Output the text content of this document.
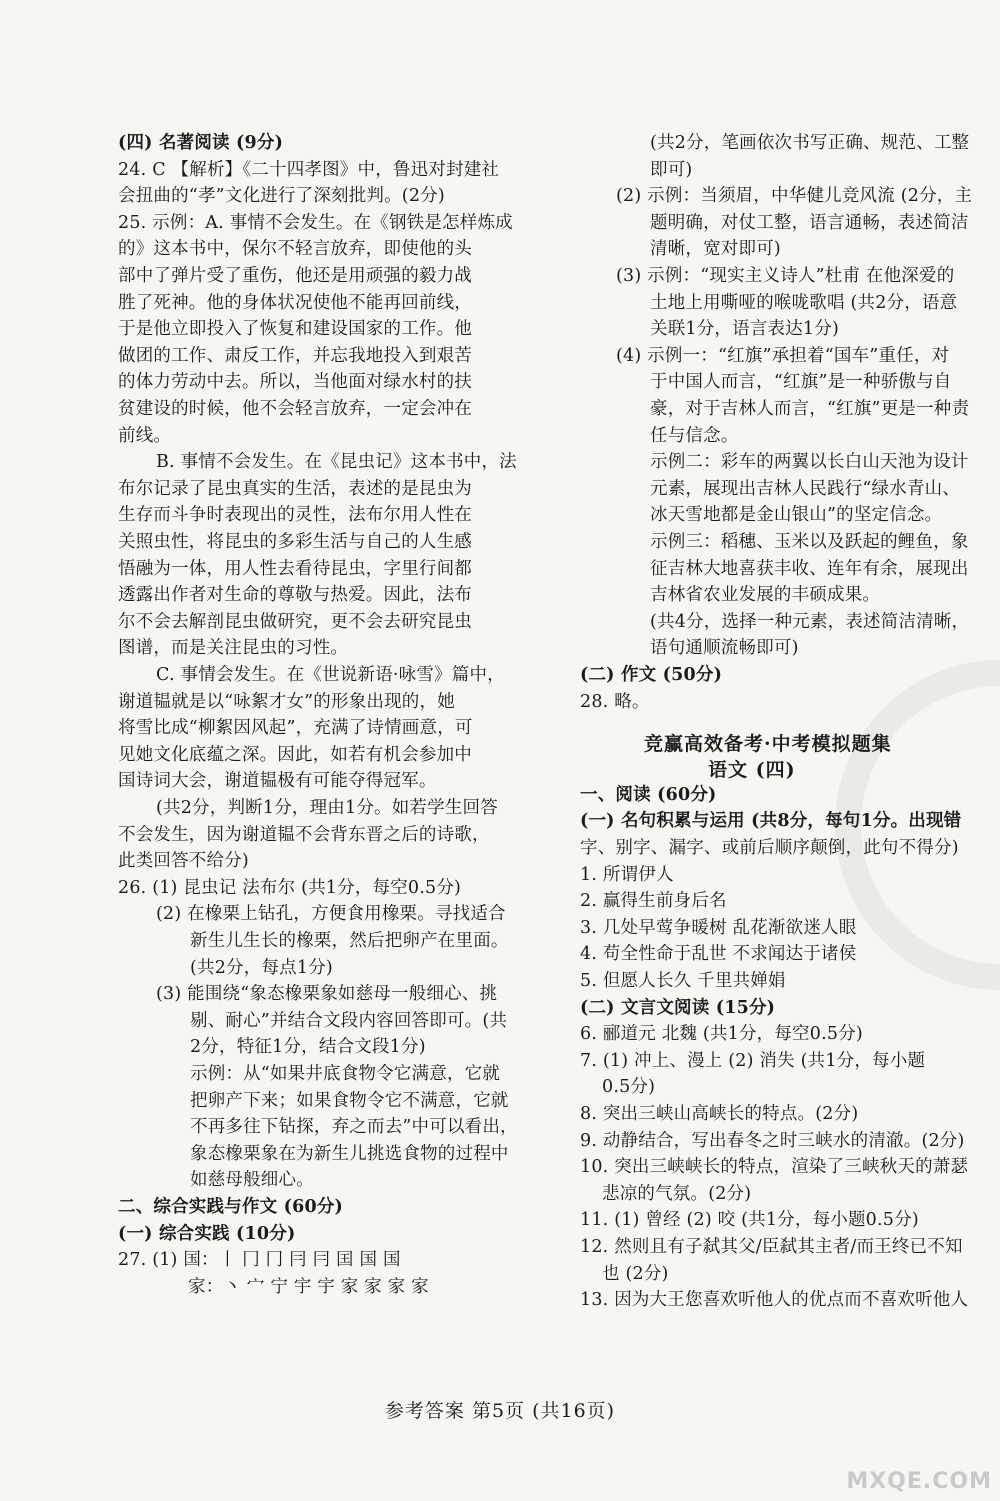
(四) 名著阅读 (9分)
24. C 【解析】《二十四孝图》中，鲁迅对封建社
会扭曲的“孝”文化进行了深刻批判。(2分)
25. 示例：A. 事情不会发生。在《钢铁是怎样炼成
的》这本书中，保尔不轻言放弃，即使他的头
部中了弹片受了重伤，他还是用顽强的毅力战
胜了死神。他的身体状况使他不能再回前线，
于是他立即投入了恢复和建设国家的工作。他
做团的工作、肃反工作，并忘我地投入到艰苦
的体力劳动中去。所以，当他面对绿水村的扶
贫建设的时候，他不会轻言放弃，一定会冲在
前线。
B. 事情不会发生。在《昆虫记》这本书中，法
布尔记录了昆虫真实的生活，表述的是昆虫为
生存而斗争时表现出的灵性，法布尔用人性在
关照虫性，将昆虫的多彩生活与自己的人生感
悟融为一体，用人性去看待昆虫，字里行间都
透露出作者对生命的尊敬与热爱。因此，法布
尔不会去解剖昆虫做研究，更不会去研究昆虫
图谱，而是关注昆虫的习性。
C. 事情会发生。在《世说新语·咏雪》篇中，
谢道韫就是以“咏絮才女”的形象出现的，她
将雪比成“柳絮因风起”，充满了诗情画意，可
见她文化底蕴之深。因此，如若有机会参加中
国诗词大会，谢道韫极有可能夺得冠军。
(共2分，判断1分，理由1分。如若学生回答
不会发生，因为谢道韫不会背东晋之后的诗歌，
此类回答不给分)
26. (1) 昆虫记 法布尔 (共1分，每空0.5分)
(2) 在橡栗上钻孔，方便食用橡栗。寻找适合
新生儿生长的橡栗，然后把卵产在里面。
(共2分，每点1分)
(3) 能围绕“象态橡栗象如慈母一般细心、挑
剔、耐心”并结合文段内容回答即可。(共
2分，特征1分，结合文段1分)
示例：从“如果井底食物令它满意，它就
把卵产下来；如果食物令它不满意，它就
不再多往下钻探，弃之而去”中可以看出，
象态橡栗象在为新生儿挑选食物的过程中
如慈母般细心。
二、综合实践与作文 (60分)
(一) 综合实践 (10分)
27. (1) 国：丨 冂 冂 冃 冃 囯 国 国
家：丶 宀 宁 宇 宇 家 家 家 家
(共2分，笔画依次书写正确、规范、工整
即可)
(2) 示例：当须眉，中华健儿竞风流 (2分，主
题明确，对仗工整，语言通畅，表述简洁
清晰，宽对即可)
(3) 示例：“现实主义诗人”杜甫 在他深爱的
土地上用嘶哑的喉咙歌唱 (共2分，语意
关联1分，语言表达1分)
(4) 示例一：“红旗”承担着“国车”重任，对
于中国人而言，“红旗”是一种骄傲与自
豪，对于吉林人而言，“红旗”更是一种责
任与信念。
示例二：彩车的两翼以长白山天池为设计
元素，展现出吉林人民践行“绿水青山、
冰天雪地都是金山银山”的坚定信念。
示例三：稻穗、玉米以及跃起的鲤鱼，象
征吉林大地喜获丰收、连年有余，展现出
吉林省农业发展的丰硕成果。
(共4分，选择一种元素，表述简洁清晰，
语句通顺流畅即可)
(二) 作文 (50分)
28. 略。
竞赢高效备考·中考模拟题集
语文 (四)
一、阅读 (60分)
(一) 名句积累与运用 (共8分，每句1分。出现错
字、别字、漏字、或前后顺序颠倒，此句不得分)
1. 所谓伊人
2. 赢得生前身后名
3. 几处早莺争暖树 乱花渐欲迷人眼
4. 苟全性命于乱世 不求闻达于诸侯
5. 但愿人长久 千里共婵娟
(二) 文言文阅读 (15分)
6. 郦道元 北魏 (共1分，每空0.5分)
7. (1) 冲上、漫上 (2) 消失 (共1分，每小题
0.5分)
8. 突出三峡山高峡长的特点。(2分)
9. 动静结合，写出春冬之时三峡水的清澈。(2分)
10. 突出三峡峡长的特点，渲染了三峡秋天的萧瑟
悲凉的气氛。(2分)
11. (1) 曾经 (2) 咬 (共1分，每小题0.5分)
12. 然则且有子弑其父/臣弑其主者/而王终已不知
也 (2分)
13. 因为大王您喜欢听他人的优点而不喜欢听他人
参考答案 第5页 (共16页)
MXQE.COM
